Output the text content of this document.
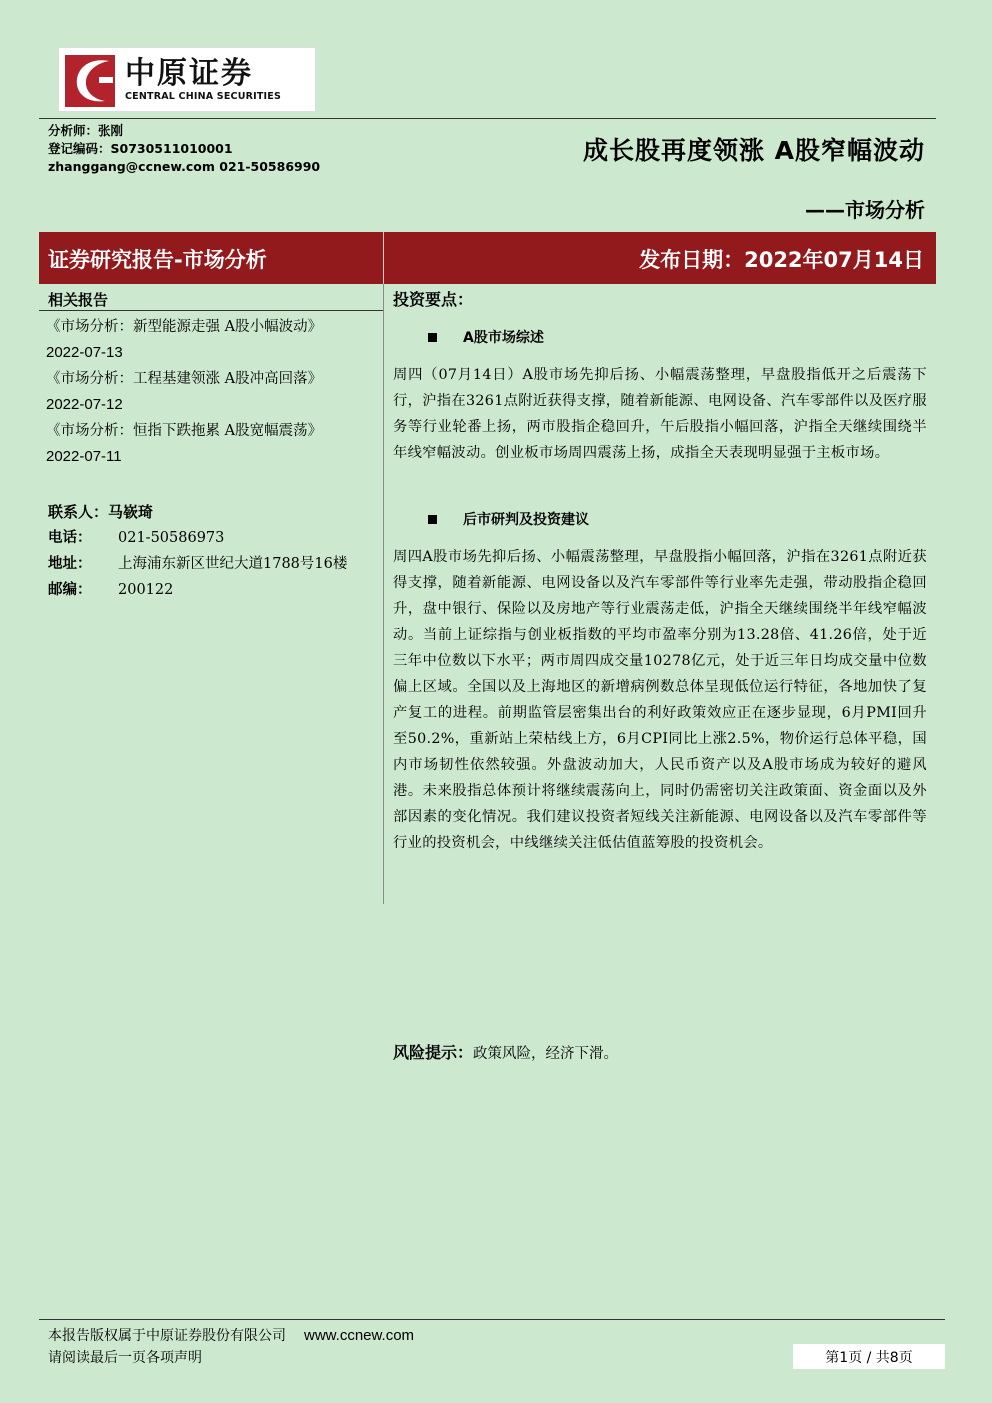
中原证券
CENTRAL CHINA SECURITIES
分析师：张刚
登记编码：S0730511010001
zhanggang@ccnew.com 021-50586990
成长股再度领涨 A股窄幅波动
——市场分析
证券研究报告-市场分析	发布日期：2022年07月14日
相关报告
《市场分析：新型能源走强 A股小幅波动》
2022-07-13
《市场分析：工程基建领涨 A股冲高回落》
2022-07-12
《市场分析：恒指下跌拖累 A股宽幅震荡》
2022-07-11
联系人：马嵚琦
电话：	021-50586973
地址：	上海浦东新区世纪大道1788号16楼
邮编：	200122
投资要点：
A股市场综述

周四（07月14日）A股市场先抑后扬、小幅震荡整理，早盘股指低开之后震荡下行，沪指在3261点附近获得支撑，随着新能源、电网设备、汽车零部件以及医疗服务等行业轮番上扬，两市股指企稳回升，午后股指小幅回落，沪指全天继续围绕半年线窄幅波动。创业板市场周四震荡上扬，成指全天表现明显强于主板市场。

后市研判及投资建议

周四A股市场先抑后扬、小幅震荡整理，早盘股指小幅回落，沪指在3261点附近获得支撑，随着新能源、电网设备以及汽车零部件等行业率先走强，带动股指企稳回升，盘中银行、保险以及房地产等行业震荡走低，沪指全天继续围绕半年线窄幅波动。当前上证综指与创业板指数的平均市盈率分别为13.28倍、41.26倍，处于近三年中位数以下水平；两市周四成交量10278亿元，处于近三年日均成交量中位数偏上区域。全国以及上海地区的新增病例数总体呈现低位运行特征，各地加快了复产复工的进程。前期监管层密集出台的利好政策效应正在逐步显现，6月PMI回升至50.2%，重新站上荣枯线上方，6月CPI同比上涨2.5%，物价运行总体平稳，国内市场韧性依然较强。外盘波动加大，人民币资产以及A股市场成为较好的避风港。未来股指总体预计将继续震荡向上，同时仍需密切关注政策面、资金面以及外部因素的变化情况。我们建议投资者短线关注新能源、电网设备以及汽车零部件等行业的投资机会，中线继续关注低估值蓝筹股的投资机会。

风险提示：政策风险，经济下滑。
本报告版权属于中原证券股份有限公司 www.ccnew.com
请阅读最后一页各项声明	第1页 / 共8页
